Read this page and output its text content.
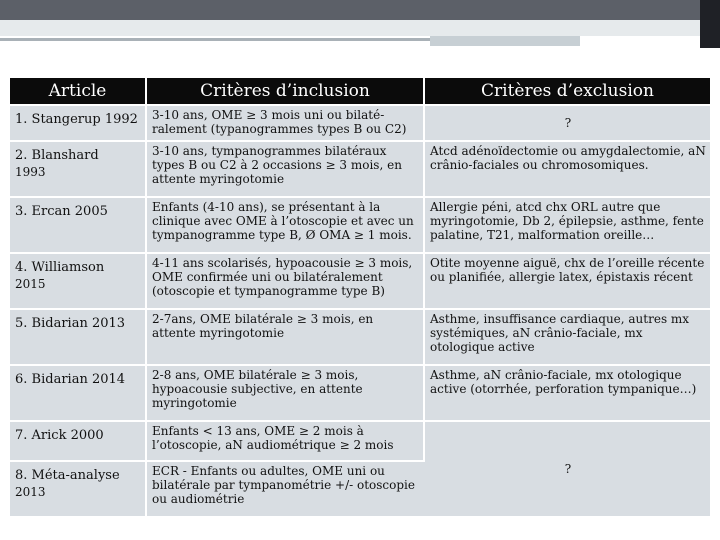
Article	Critères d’inclusion	Critères d’exclusion
1. Stangerup 1992	3-10 ans, OME ≥ 3 mois uni ou bilaté-ralement (typanogrammes types B ou C2)	?
2. Blanshard
1993	3-10 ans, tympanogrammes bilatéraux types B ou C2 à 2 occasions ≥ 3 mois, en attente myringotomie	Atcd adénoïdectomie ou amygdalectomie, aN crânio-faciales ou chromosomiques.
3. Ercan 2005	Enfants (4-10 ans), se présentant à la clinique avec OME à l’otoscopie et avec un tympanogramme type B, Ø OMA ≥ 1 mois.	Allergie péni, atcd chx ORL autre que myringotomie, Db 2, épilepsie, asthme, fente palatine, T21, malformation oreille…
4. Williamson
2015	4-11 ans scolarisés, hypoacousie ≥ 3 mois, OME confirmée uni ou bilatéralement (otoscopie et tympanogramme type B)	Otite moyenne aiguë, chx de l’oreille récente ou planifiée, allergie latex, épistaxis récent
5. Bidarian 2013	2-7ans, OME bilatérale ≥ 3 mois, en attente myringotomie	Asthme, insuffisance cardiaque, autres mx systémiques, aN crânio-faciale, mx otologique active
6. Bidarian 2014	2-8 ans, OME bilatérale ≥ 3 mois, hypoacousie subjective, en attente myringotomie	Asthme, aN crânio-faciale, mx otologique active (otorrhée, perforation tympanique…)
7. Arick 2000	Enfants < 13 ans, OME ≥ 2 mois à l’otoscopie, aN audiométrique ≥ 2 mois	?
8. Méta-analyse
2013	ECR - Enfants ou adultes, OME uni ou bilatérale par tympanométrie +/- otoscopie ou audiométrie	
